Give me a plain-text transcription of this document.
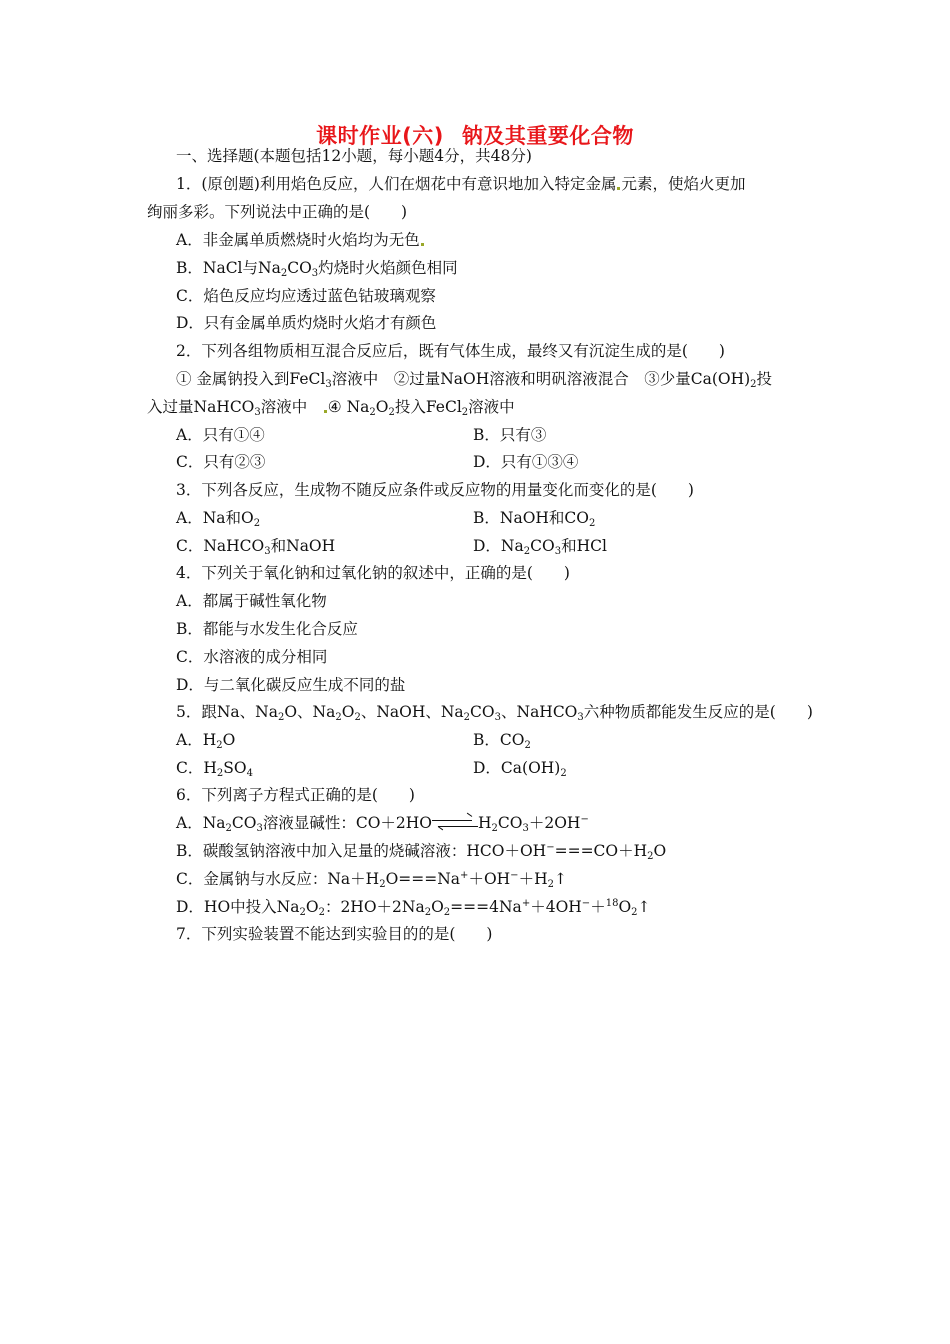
课时作业(六) 钠及其重要化合物
一、选择题(本题包括12小题，每小题4分，共48分)
1．(原创题)利用焰色反应，人们在烟花中有意识地加入特定金属 元素，使焰火更加
绚丽多彩。下列说法中正确的是(　　)
A．非金属单质燃烧时火焰均为无色
B．NaCl与$Na_2CO_3$灼烧时火焰颜色相同
C．焰色反应均应透过蓝色钴玻璃观察
D．只有金属单质灼烧时火焰才有颜色
2．下列各组物质相互混合反应后，既有气体生成，最终又有沉淀生成的是(　　)
① 金属钠投入到FeCl$_3$溶液中　②过量NaOH溶液和明矾溶液混合　③少量$Ca(OH)_2$投
入过量NaHCO$_3$溶液中　④ $Na_2O_2$投入FeCl$_2$溶液中
A．只有①④	B．只有③
C．只有②③	D．只有①③④
3．下列各反应，生成物不随反应条件或反应物的用量变化而变化的是(　　)
A．Na和$O_2$	B．NaOH和$CO_2$
C．NaHCO$_3$和NaOH	D．$Na_2CO_3$和HCl
4．下列关于氧化钠和过氧化钠的叙述中，正确的是(　　)
A．都属于碱性氧化物
B．都能与水发生化合反应
C．水溶液的成分相同
D．与二氧化碳反应生成不同的盐
5．跟Na、$Na_2O$、$Na_2O_2$、NaOH、$Na_2CO_3$、NaHCO$_3$六种物质都能发生反应的是(　　)
A．$H_2O$	B．$CO_2$
C．$H_2SO_4$	D．$Ca(OH)_2$
6．下列离子方程式正确的是(　　)
A．$Na_2CO_3$溶液显碱性：CO＋2HO	$H_2CO_3+2OH^-$
B．碳酸氢钠溶液中加入足量的烧碱溶液：$HCO+OH^-===CO+H_2O$
C．金属钠与水反应：$Na+H_2O===Na^++OH^-+H_2↑$
D．HO中投入$Na_2O_2$：$2HO+2Na_2O_2===4Na^++4OH^-+^{18}O_2↑$
7．下列实验装置不能达到实验目的的是(　　)
